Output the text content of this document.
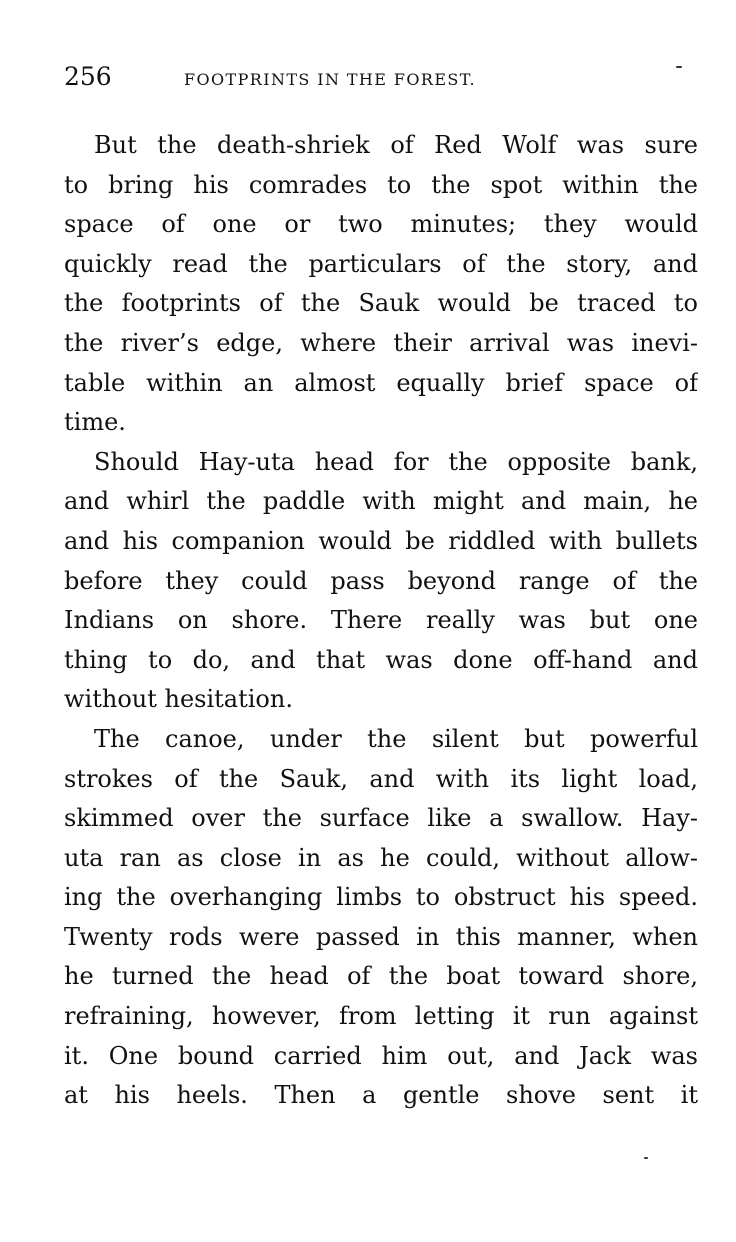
256	FOOTPRINTS IN THE FOREST.
But the death-shriek of Red Wolf was sure
to bring his comrades to the spot within the
space of one or two minutes; they would
quickly read the particulars of the story, and
the footprints of the Sauk would be traced to
the river’s edge, where their arrival was inevi-
table within an almost equally brief space of
time.
Should Hay-uta head for the opposite bank,
and whirl the paddle with might and main, he
and his companion would be riddled with bullets
before they could pass beyond range of the
Indians on shore. There really was but one
thing to do, and that was done off-hand and
without hesitation.
The canoe, under the silent but powerful
strokes of the Sauk, and with its light load,
skimmed over the surface like a swallow. Hay-
uta ran as close in as he could, without allow-
ing the overhanging limbs to obstruct his speed.
Twenty rods were passed in this manner, when
he turned the head of the boat toward shore,
refraining, however, from letting it run against
it. One bound carried him out, and Jack was
at his heels. Then a gentle shove sent it
